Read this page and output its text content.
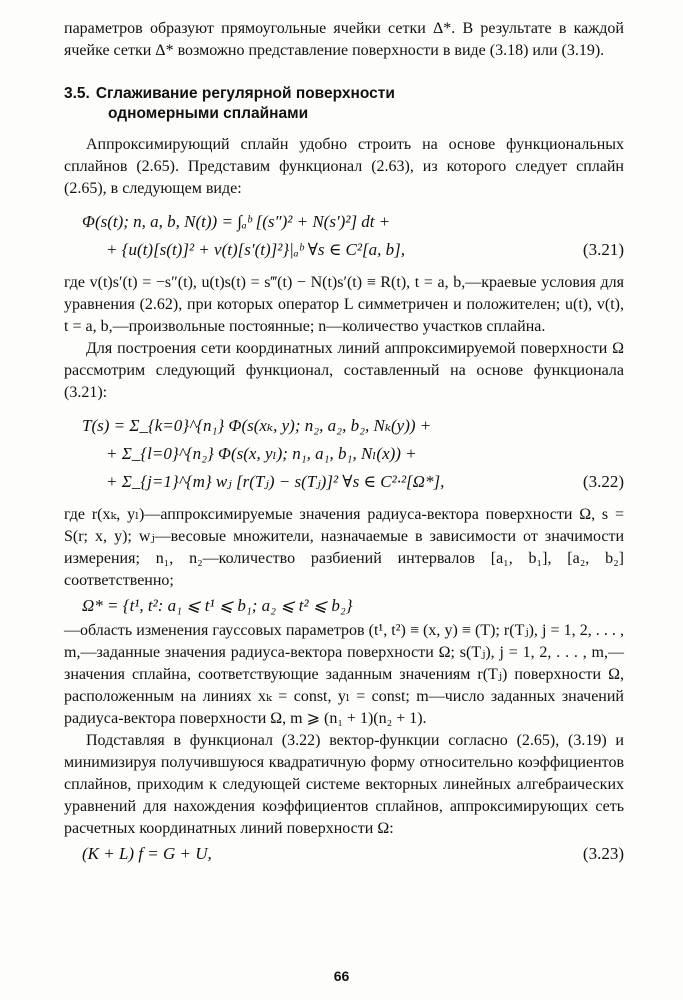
параметров образуют прямоугольные ячейки сетки Δ*. В результате в каждой ячейке сетки Δ* возможно представление поверхности в виде (3.18) или (3.19).

3.5. Сглаживание регулярной поверхности
одномерными сплайнами

Аппроксимирующий сплайн удобно строить на основе функциональных сплайнов (2.65). Представим функционал (2.63), из которого следует сплайн (2.65), в следующем виде:

Φ(s(t); n, a, b, N(t)) = ∫ₐᵇ [(s″)² + N(s′)²] dt +
+ {u(t)[s(t)]² + v(t)[s′(t)]²}|ₐᵇ ∀s ∈ C²[a, b],	(3.21)

где v(t)s′(t) = −s″(t), u(t)s(t) = s‴(t) − N(t)s′(t) ≡ R(t), t = a, b,—краевые условия для уравнения (2.62), при которых оператор L симметричен и положителен; u(t), v(t), t = a, b,—произвольные постоянные; n—количество участков сплайна.

Для построения сети координатных линий аппроксимируемой поверхности Ω рассмотрим следующий функционал, составленный на основе функционала (3.21):

T(s) = Σ_{k=0}^{n₁} Φ(s(xₖ, y); n₂, a₂, b₂, Nₖ(y)) +
+ Σ_{l=0}^{n₂} Φ(s(x, yₗ); n₁, a₁, b₁, Nₗ(x)) +
+ Σ_{j=1}^{m} wⱼ [r(Tⱼ) − s(Tⱼ)]² ∀s ∈ C²·²[Ω*],	(3.22)

где r(xₖ, yₗ)—аппроксимируемые значения радиуса-вектора поверхности Ω, s = S(r; x, y); wⱼ—весовые множители, назначаемые в зависимости от значимости измерения; n₁, n₂—количество разбиений интервалов [a₁, b₁], [a₂, b₂] соответственно;

Ω* = {t¹, t²: a₁ ⩽ t¹ ⩽ b₁; a₂ ⩽ t² ⩽ b₂}

—область изменения гауссовых параметров (t¹, t²) ≡ (x, y) ≡ (T); r(Tⱼ), j = 1, 2, . . . , m,—заданные значения радиуса-вектора поверхности Ω; s(Tⱼ), j = 1, 2, . . . , m,—значения сплайна, соответствующие заданным значениям r(Tⱼ) поверхности Ω, расположенным на линиях xₖ = const, yₗ = const; m—число заданных значений радиуса-вектора поверхности Ω, m ⩾ (n₁ + 1)(n₂ + 1).

Подставляя в функционал (3.22) вектор-функции согласно (2.65), (3.19) и минимизируя получившуюся квадратичную форму относительно коэффициентов сплайнов, приходим к следующей системе векторных линейных алгебраических уравнений для нахождения коэффициентов сплайнов, аппроксимирующих сеть расчетных координатных линий поверхности Ω:

(K + L) f = G + U,	(3.23)
66
